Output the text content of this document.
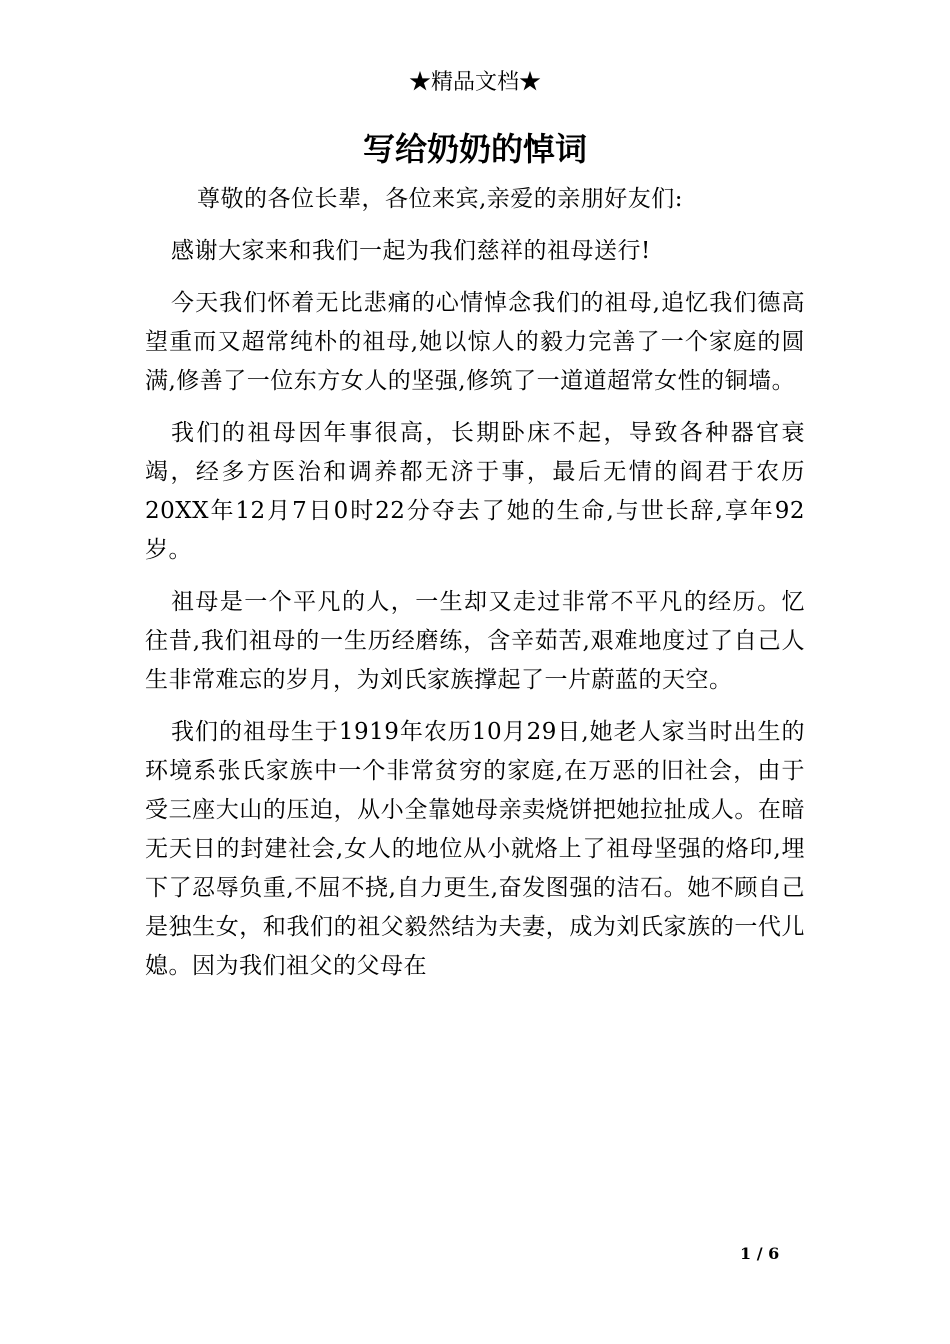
★精品文档★
写给奶奶的悼词

尊敬的各位长辈，各位来宾,亲爱的亲朋好友们:

感谢大家来和我们一起为我们慈祥的祖母送行!

今天我们怀着无比悲痛的心情悼念我们的祖母,追忆我们德高望重而又超常纯朴的祖母,她以惊人的毅力完善了一个家庭的圆满,修善了一位东方女人的坚强,修筑了一道道超常女性的铜墙。

我们的祖母因年事很高，长期卧床不起，导致各种器官衰竭，经多方医治和调养都无济于事，最后无情的阎君于农历20XX年12月7日0时22分夺去了她的生命,与世长辞,享年92岁。

祖母是一个平凡的人，一生却又走过非常不平凡的经历。忆往昔,我们祖母的一生历经磨练，含辛茹苦,艰难地度过了自己人生非常难忘的岁月，为刘氏家族撑起了一片蔚蓝的天空。

我们的祖母生于1919年农历10月29日,她老人家当时出生的环境系张氏家族中一个非常贫穷的家庭,在万恶的旧社会，由于受三座大山的压迫，从小全靠她母亲卖烧饼把她拉扯成人。在暗无天日的封建社会,女人的地位从小就烙上了祖母坚强的烙印,埋下了忍辱负重,不屈不挠,自力更生,奋发图强的洁石。她不顾自己是独生女，和我们的祖父毅然结为夫妻，成为刘氏家族的一代儿媳。因为我们祖父的父母在

1 / 6
